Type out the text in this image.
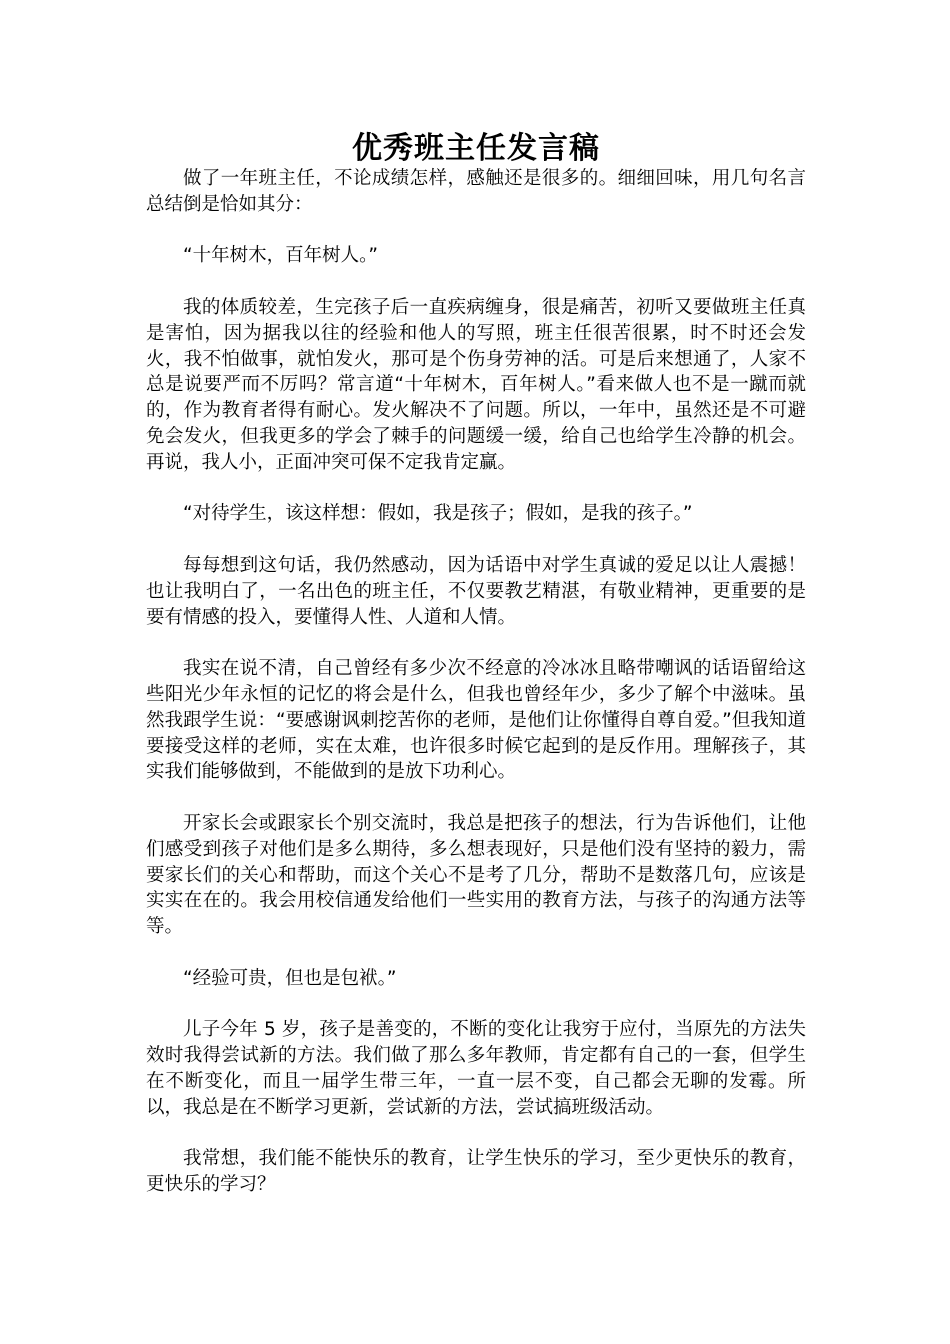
优秀班主任发言稿

做了一年班主任，不论成绩怎样，感触还是很多的。细细回味，用几句名言总结倒是恰如其分：

“十年树木，百年树人。”

我的体质较差，生完孩子后一直疾病缠身，很是痛苦，初听又要做班主任真是害怕，因为据我以往的经验和他人的写照，班主任很苦很累，时不时还会发火，我不怕做事，就怕发火，那可是个伤身劳神的活。可是后来想通了，人家不总是说要严而不厉吗？常言道“十年树木，百年树人。”看来做人也不是一蹴而就的，作为教育者得有耐心。发火解决不了问题。所以，一年中，虽然还是不可避免会发火，但我更多的学会了棘手的问题缓一缓，给自己也给学生冷静的机会。再说，我人小，正面冲突可保不定我肯定赢。

“对待学生，该这样想：假如，我是孩子；假如，是我的孩子。”

每每想到这句话，我仍然感动，因为话语中对学生真诚的爱足以让人震撼！也让我明白了，一名出色的班主任，不仅要教艺精湛，有敬业精神，更重要的是要有情感的投入，要懂得人性、人道和人情。

我实在说不清，自己曾经有多少次不经意的冷冰冰且略带嘲讽的话语留给这些阳光少年永恒的记忆的将会是什么，但我也曾经年少，多少了解个中滋味。虽然我跟学生说：“要感谢讽刺挖苦你的老师，是他们让你懂得自尊自爱。”但我知道要接受这样的老师，实在太难，也许很多时候它起到的是反作用。理解孩子，其实我们能够做到，不能做到的是放下功利心。

开家长会或跟家长个别交流时，我总是把孩子的想法，行为告诉他们，让他们感受到孩子对他们是多么期待，多么想表现好，只是他们没有坚持的毅力，需要家长们的关心和帮助，而这个关心不是考了几分，帮助不是数落几句，应该是实实在在的。我会用校信通发给他们一些实用的教育方法，与孩子的沟通方法等等。

“经验可贵，但也是包袱。”

儿子今年 5 岁，孩子是善变的，不断的变化让我穷于应付，当原先的方法失效时我得尝试新的方法。我们做了那么多年教师，肯定都有自己的一套，但学生在不断变化，而且一届学生带三年，一直一层不变，自己都会无聊的发霉。所以，我总是在不断学习更新，尝试新的方法，尝试搞班级活动。

我常想，我们能不能快乐的教育，让学生快乐的学习，至少更快乐的教育，更快乐的学习？
